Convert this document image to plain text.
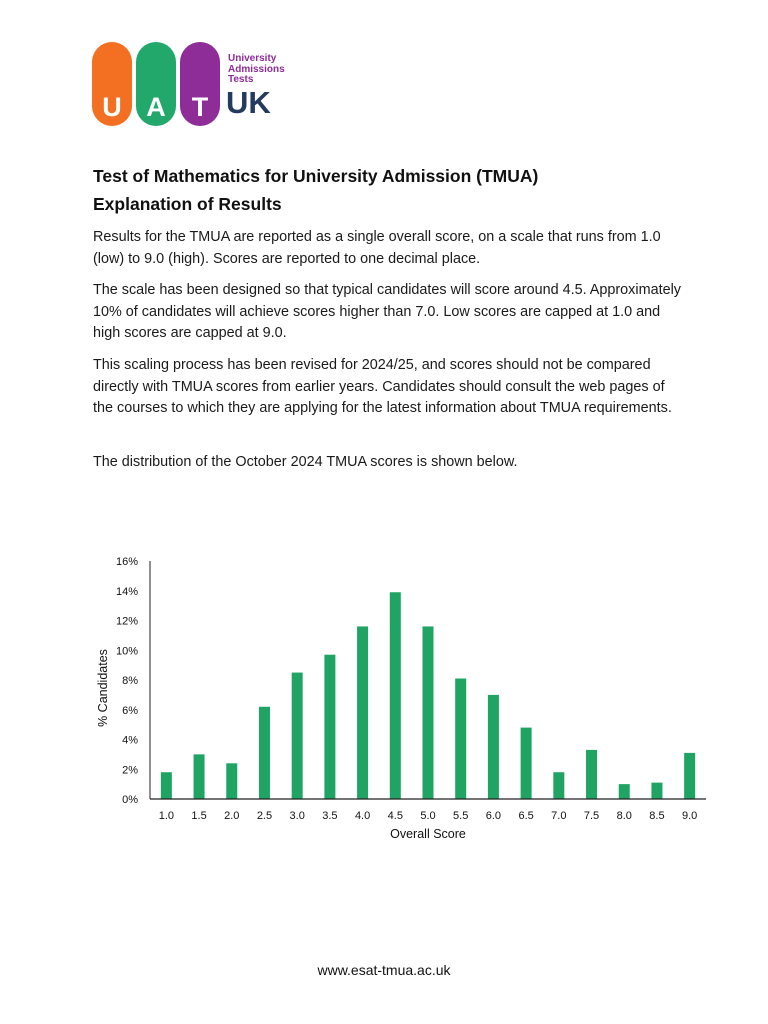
U A T
University
Admissions
Tests
UK
Test of Mathematics for University Admission (TMUA)
Explanation of Results

Results for the TMUA are reported as a single overall score, on a scale that runs from 1.0 (low) to 9.0 (high). Scores are reported to one decimal place.

The scale has been designed so that typical candidates will score around 4.5. Approximately 10% of candidates will achieve scores higher than 7.0. Low scores are capped at 1.0 and high scores are capped at 9.0.

This scaling process has been revised for 2024/25, and scores should not be compared directly with TMUA scores from earlier years. Candidates should consult the web pages of the courses to which they are applying for the latest information about TMUA requirements.

The distribution of the October 2024 TMUA scores is shown below.

0%
2%
4%
6%
8%
10%
12%
14%
16%
1.0 1.5 2.0 2.5 3.0 3.5 4.0 4.5 5.0 5.5 6.0 6.5 7.0 7.5 8.0 8.5 9.0
Overall Score
% Candidates
www.esat-tmua.ac.uk
